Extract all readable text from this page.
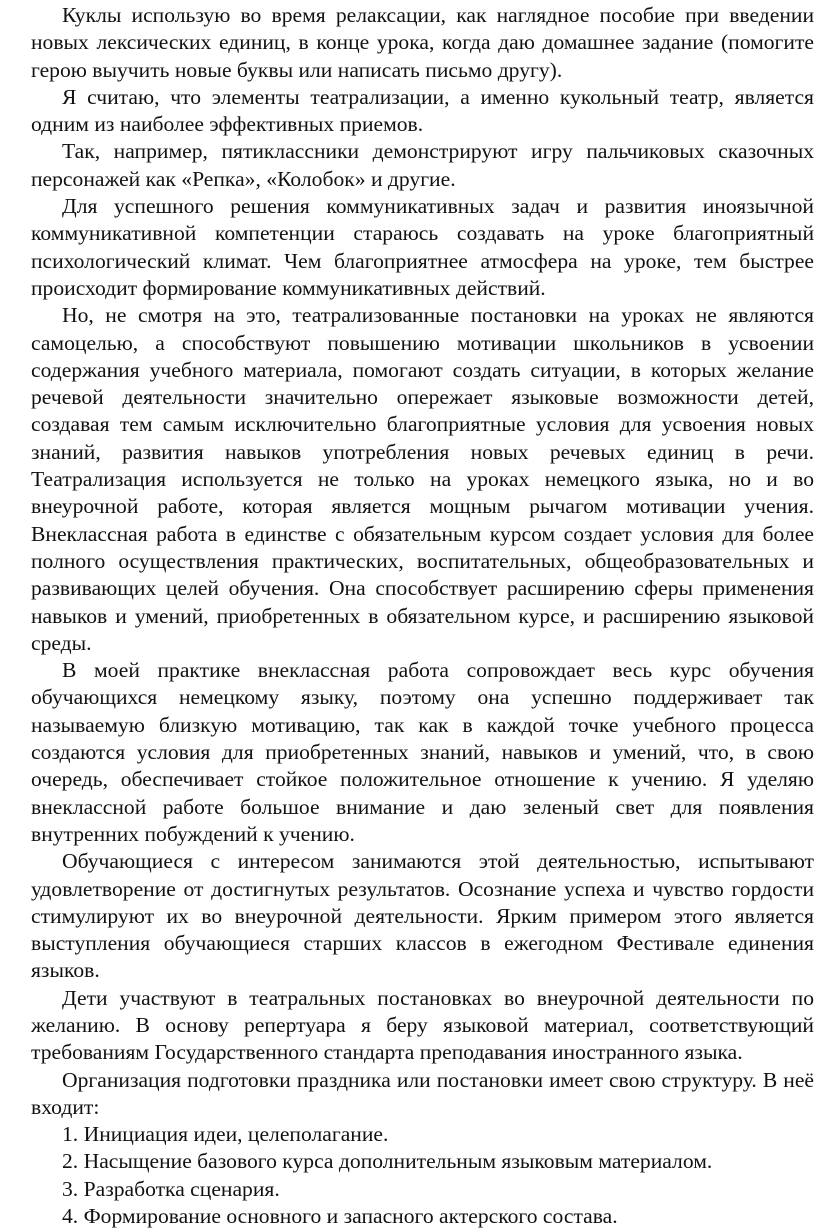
Куклы использую во время релаксации, как наглядное пособие при введении новых лексических единиц, в конце урока, когда даю домашнее задание (помогите герою выучить новые буквы или написать письмо другу).

Я считаю, что элементы театрализации, а именно кукольный театр, является одним из наиболее эффективных приемов.

Так, например, пятиклассники демонстрируют игру пальчиковых сказочных персонажей как «Репка», «Колобок» и другие.

Для успешного решения коммуникативных задач и развития иноязычной коммуникативной компетенции стараюсь создавать на уроке благоприятный психологический климат. Чем благоприятнее атмосфера на уроке, тем быстрее происходит формирование коммуникативных действий.

Но, не смотря на это, театрализованные постановки на уроках не являются самоцелью, а способствуют повышению мотивации школьников в усвоении содержания учебного материала, помогают создать ситуации, в которых желание речевой деятельности значительно опережает языковые возможности детей, создавая тем самым исключительно благоприятные условия для усвоения новых знаний, развития навыков употребления новых речевых единиц в речи. Театрализация используется не только на уроках немецкого языка, но и во внеурочной работе, которая является мощным рычагом мотивации учения. Внеклассная работа в единстве с обязательным курсом создает условия для более полного осуществления практических, воспитательных, общеобразовательных и развивающих целей обучения. Она способствует расширению сферы применения навыков и умений, приобретенных в обязательном курсе, и расширению языковой среды.

В моей практике внеклассная работа сопровождает весь курс обучения обучающихся немецкому языку, поэтому она успешно поддерживает так называемую близкую мотивацию, так как в каждой точке учебного процесса создаются условия для приобретенных знаний, навыков и умений, что, в свою очередь, обеспечивает стойкое положительное отношение к учению. Я уделяю внеклассной работе большое внимание и даю зеленый свет для появления внутренних побуждений к учению.

Обучающиеся с интересом занимаются этой деятельностью, испытывают удовлетворение от достигнутых результатов. Осознание успеха и чувство гордости стимулируют их во внеурочной деятельности. Ярким примером этого является выступления обучающиеся старших классов в ежегодном Фестивале единения языков.

Дети участвуют в театральных постановках во внеурочной деятельности по желанию. В основу репертуара я беру языковой материал, соответствующий требованиям Государственного стандарта преподавания иностранного языка.

Организация подготовки праздника или постановки имеет свою структуру. В неё входит:

1. Инициация идеи, целеполагание.
2. Насыщение базового курса дополнительным языковым материалом.
3. Разработка сценария.
4. Формирование основного и запасного актерского состава.
